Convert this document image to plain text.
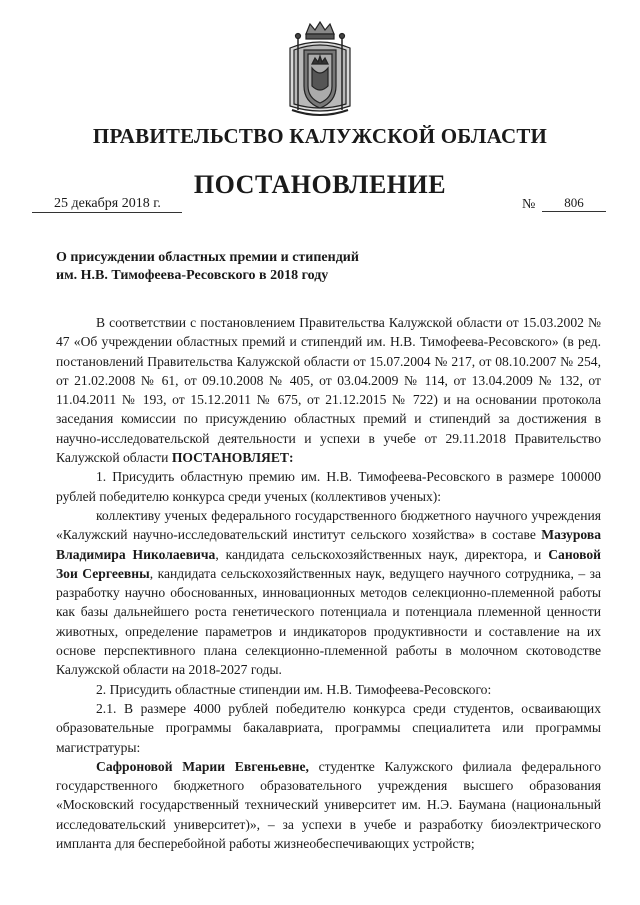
ПРАВИТЕЛЬСТВО КАЛУЖСКОЙ ОБЛАСТИ
ПОСТАНОВЛЕНИЕ
25 декабря 2018 г.	№	806
О присуждении областных премии и стипендий
им. Н.В. Тимофеева-Ресовского в 2018 году

В соответствии с постановлением Правительства Калужской области от 15.03.2002 № 47 «Об учреждении областных премий и стипендий им. Н.В. Тимофеева-Ресовского» (в ред. постановлений Правительства Калужской области от 15.07.2004 № 217, от 08.10.2007 № 254, от 21.02.2008 № 61, от 09.10.2008 № 405, от 03.04.2009 № 114, от 13.04.2009 № 132, от 11.04.2011 № 193, от 15.12.2011 № 675, от 21.12.2015 № 722) и на основании протокола заседания комиссии по присуждению областных премий и стипендий за достижения в научно-исследовательской деятельности и успехи в учебе от 29.11.2018 Правительство Калужской области ПОСТАНОВЛЯЕТ:

1. Присудить областную премию им. Н.В. Тимофеева-Ресовского в размере 100000 рублей победителю конкурса среди ученых (коллективов ученых):

коллективу ученых федерального государственного бюджетного научного учреждения «Калужский научно-исследовательский институт сельского хозяйства» в составе Мазурова Владимира Николаевича, кандидата сельскохозяйственных наук, директора, и Сановой Зои Сергеевны, кандидата сельскохозяйственных наук, ведущего научного сотрудника, – за разработку научно обоснованных, инновационных методов селекционно-племенной работы как базы дальнейшего роста генетического потенциала и потенциала племенной ценности животных, определение параметров и индикаторов продуктивности и составление на их основе перспективного плана селекционно-племенной работы в молочном скотоводстве Калужской области на 2018-2027 годы.

2. Присудить областные стипендии им. Н.В. Тимофеева-Ресовского:

2.1. В размере 4000 рублей победителю конкурса среди студентов, осваивающих образовательные программы бакалавриата, программы специалитета или программы магистратуры:

Сафроновой Марии Евгеньевне, студентке Калужского филиала федерального государственного бюджетного образовательного учреждения высшего образования «Московский государственный технический университет им. Н.Э. Баумана (национальный исследовательский университет)», – за успехи в учебе и разработку биоэлектрического импланта для бесперебойной работы жизнеобеспечивающих устройств;
